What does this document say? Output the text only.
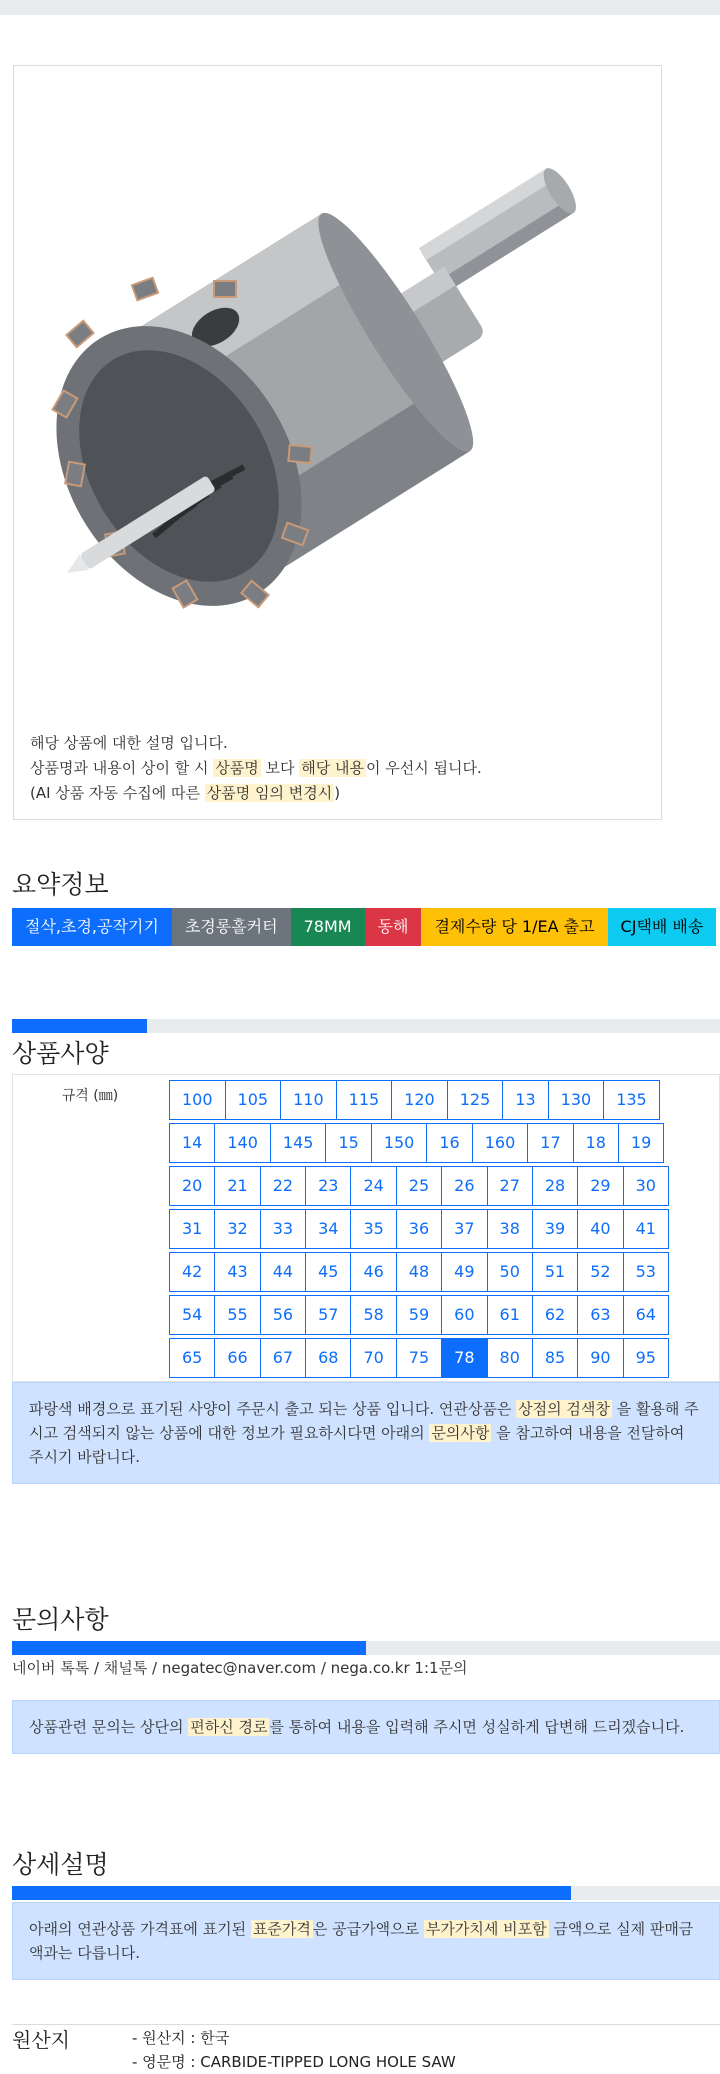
해당 상품에 대한 설명 입니다.
상품명과 내용이 상이 할 시 상품명 보다 해당 내용 이 우선시 됩니다.
(AI 상품 자동 수집에 따른 상품명 임의 변경시 )
요약정보
절삭,초경,공작기기	초경롱홀커터	78MM	동해	결제수량 당 1/EA 출고	CJ택배 배송
상품사양
규격 (㎜)	100	105	110	115	120	125	13	130	135
14	140	145	15	150	16	160	17	18	19
20	21	22	23	24	25	26	27	28	29	30
31	32	33	34	35	36	37	38	39	40	41
42	43	44	45	46	48	49	50	51	52	53
54	55	56	57	58	59	60	61	62	63	64
65	66	67	68	70	75	78	80	85	90	95
파랑색 배경으로 표기된 사양이 주문시 출고 되는 상품 입니다. 연관상품은 상점의 검색창 을 활용해 주시고 검색되지 않는 상품에 대한 정보가 필요하시다면 아래의 문의사항 을 참고하여 내용을 전달하여 주시기 바랍니다.
문의사항
네이버 톡톡 / 채널톡 / negatec@naver.com / nega.co.kr 1:1문의
상품관련 문의는 상단의 편하신 경로 를 통하여 내용을 입력해 주시면 성실하게 답변해 드리겠습니다.
상세설명
아래의 연관상품 가격표에 표기된 표준가격 은 공급가액으로 부가가치세 비포함 금액으로 실제 판매금액과는 다릅니다.
원산지	- 원산지 : 한국
- 영문명 : CARBIDE-TIPPED LONG HOLE SAW
